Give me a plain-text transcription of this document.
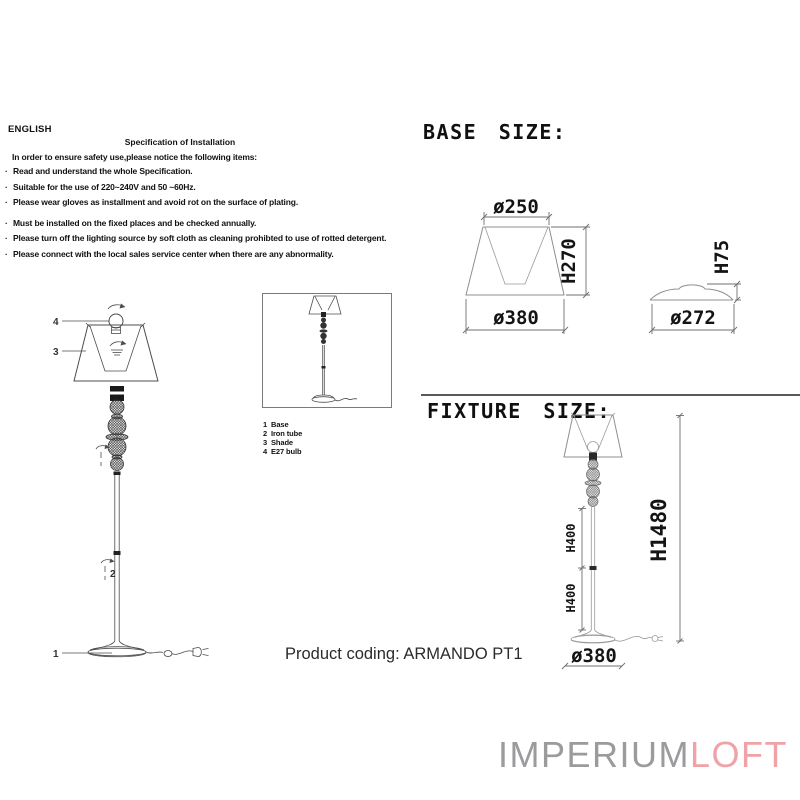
ENGLISH
Specification of Installation
In order to ensure safety use,please notice the following items:
· Read and understand the whole Specification.
· Suitable for the use of 220~240V and 50 ~60Hz.
· Please wear gloves as installment and avoid rot on the surface of plating.
· Must be installed on the fixed places and be checked annually.
· Please turn off the lighting source by soft cloth as cleaning prohibted to use of rotted detergent.
· Please connect with the local sales service center when there are any abnormality.
4
3
2
1
1 Base
2 Iron tube
3 Shade
4 E27 bulb
BASE SIZE:
ø250
H270
ø380
H75
ø272
FIXTURE SIZE:
H400
H400
H1480
ø380
Product coding: ARMANDO PT1
IMPERIUMLOFT
